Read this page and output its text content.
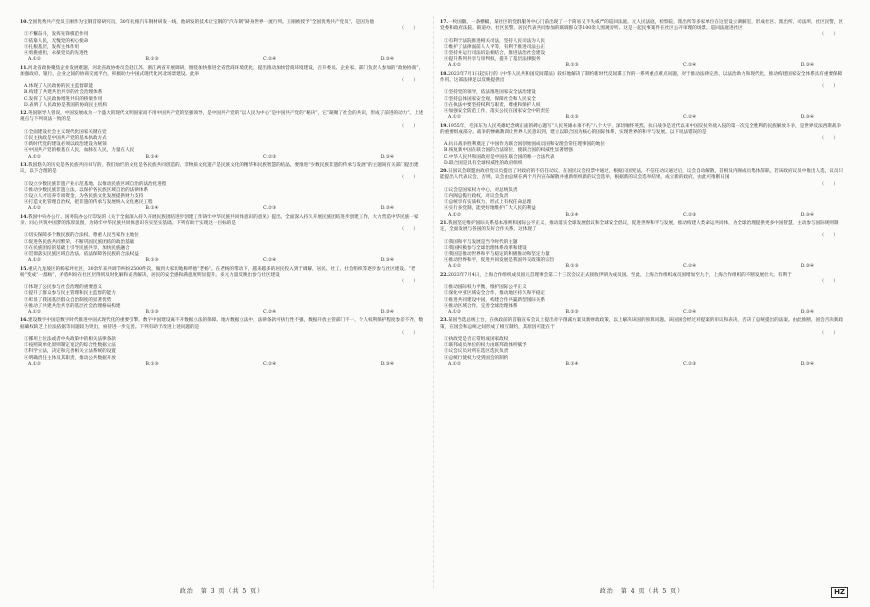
10.全国优秀共产党员王刚作为宝钢首席研究员，30年扎根汽车钢材研发一线，他研发的技术让宝钢的“汽车钢”跻身世界一流行列。王刚被授予“全国优秀共产党员”，是因为他

（　　）

①不懈奋斗，发挥先锋模范作用

②依靠人民，无愧党的初心使命

③扎根基层，发挥主体作用

④勇挑重担，永葆党员的先进性

A.①②	B.①③	C.②④	D.③④

11.河北省政协聚焦企业发展难题，河北省政协委员会赴江苏、浙江两省开展调研，围绕加快推进全省营商环境优化，提出推动加快营商环境建设，召开委员、企业家、部门负责人参加的“政协协商”，加强政府、银行、企业之间的协商交流平台，积极助力中国式现代化河北场景建设。此举

（　　）

A.体现了人民政协的民主监督职能

B.构建了共建共治共享的社会治理体系

C.发挥了人民政协增进共识的桥梁作用

D.表明了人民政协是我国的协商民主机构

12.英国驱导人曾说，中国发展成为一个盛大的现代文明国家而不用中国共产党的坚强领导，是中国共产党的“以人民为中心”是中国共产党的“秘诀”，它“凝聚了社会的共识，形成了前进的动力”。上述观点与下列说法一致的是

（　　）

①全面建设社会主义现代化国家关键在党

②民主执政是中国共产党的基本执政方式

③新时代党的建设必须以政治建设为统领

④中国共产党的根基在人民，血脉在人民，力量在人民

A.①②	B.①④	C.②③	D.③④

13.我国悠久的历史是各民族共同书写的，我们灿烂的文化是各民族共同创造的。非物质文化遗产是民族文化的精华和民族智慧的结晶。要推进“少数民族非遗的传承与发展”的主题间有关部门提出建议，以下合理的是

（　　）

①设立少数民族非遗产业示范基地，以推动民族区域自治的法治化进程

②推动少数民族非遗立法，以保护各民族区域自治的法律体系

③设立人才培养专项资金，为各民族文化发展提供财力支持

④打造文化管理自治权，把非遗的传承与发展纳入文化惠民工程

A.①②	B.①④	C.②③	D.③④

14.我国中央办公厅、国务院办公厅印发的《关于全面深入持久开展民族团结进步创建工作铸牢中华民族共同体意识的意见》提出，全面深入持久开展民族团结进步创建工作，大力营造中华民族一家亲、同心共筑中国梦的浓厚氛围，为铸牢中华民族共同体意识夯实坚实基础。下列有助于实现这一目标的是

（　　）

①切实保障多个数民族的合法权，尊重人民当家作主地位

②促进各民族共同繁荣，不断巩固民族团结的政治基础

③在民族团结的基础上引导民族共享，加快民族融合

④贯彻落实民族区域自治法，依法保障各民族的合法权益

A.①②	B.①③	C.②④	D.③④

15.重庆九龙坡区的杨家坪社区，30余年来共调节纠纷2500件次，做到大家切地称呼他“老杨”。在老杨的带动下，越来越多的居民投入到于调解，居民、社工、社会组织等逐步参与社区建设。“老杨”变成“一群杨”，矛盾纠纷在社区层得到及时化解和妥善解决，居民的安全感和满意度明显提升。多元力量反映出参与社区建设

（　　）

①体现了公民参与社会治理的重要意义

②提升了群众参与民主管理和民主监督的能力

③彰显了我国基层群众自治制度的显著优势

④推动了共建共治共享的基层社会治理格局构建

A.①②	B.①③	C.②④	D.③④

16.建设数字中国是数字时代推进中国式现代化的重要引擎，数字中国建设离不开数据立法的保障。地方数据立法中，法律条款可执行性不强，数据开放主管部门不一、个人权利保护程度参差不齐，数据确权缺乏上位法依据等问题较为突出，亟待进一步完善。下列有助于改进上述问题的是

（　　）

①挪用上位法或者中央政策中的相关法律条款

②按照简单化原则制定宽泛的综合性数据立法

③科学立法，决定和完善相关立法系统的设置

④明确责任主体及其职责，推动公共数据开放

A.①②	B.①③	C.②④	D.③④

17.一枚国徽，一条横幅，某社区的党群服务中心门前出现了一个简易又不失威严的巡回法庭。元人民法庭，检察院、派出所等多家单位在这里设立调解室，形成社区、派出所、司法所、社区民警，区党委和政府法院、街道办、社区民警、居民代表共同参加的联调群众等100余人围观旁听。这是一起民事案件在社区公开审理的场景。巡回法庭进社区

（　　）

①有利于法院推进相关司法，坚持人民司法为人民

②维护了法律面前人人平等，有利于推进司法公正

③坚持并运行司法诉讼相结合，推进法治社会建设

④提升系列共享与审判权，提升了基层法律服务

A.①②	B.①③	C.②④	D.③④

18.2023年7月1日起实行的《中华人民共和国反间谍法》较好地解决了制约新时代反间谍工作的一系列重点难点问题，对于推动法律完善、以法治助力和现代化，推动构建国家安全体系具有重要保障作用。这部法律足以反映提供出

（　　）

①坚持党的领导，依法推进国家安全法治建设

②坚持总体国家安全观，保障社会和人民安全

③在执法中要坚持权利与职责，尊重和保护人权

④加强安全防范工作，落实公民在国家安全中的责任

A.①②	B.①③	C.②④	D.③④

19.1955年，毛泽东为人民英雄纪念碑正面的碑心题写“人民英雄永垂不朽”八个大字，深切缅怀英烈。抗日战争是近代以来中国反抗外敌入侵的第一次完全胜利的民族解放斗争，是世界反法西斯战争的重要组成部分。战争的惨痛教训让世界人民意识到，建立以联合国为核心的国际体系，实现世界的和平与发展。以下说法错误的是

（　　）

A.抗日战争胜利奠定了中国作为联合国创始国成员国和安理会常任理事国的地位

B.恢复新中国在联合国的合法席位，使联合国的权威性显著增强

C.中华人民共和国政府是中国在联合国的唯一合法代表

D.联合国是具有全球权威性的政府组织

20.日国议会联盟由政府党议员提出了对政府的不信任动议，在国民议会投票中通过，根据日国宪法，不信任动议通过后，议会自动解散，首相及内阁成员集体辞职。若该政府议员中推出人选，议员只能提出人代表议会，否则，议会由总统在两个月内宣布解散并重新组织新的议会选举，根据新的议会选举结果，成立新的政府。由此可推断日国

（　　）

①议会是国家权力中心，对总统负责

②内阁总揽行政权，对议会负责

③总统享有实质权力，形式上有权任命总理

④实行多党制，能更好地维护广大人民的利益

A.①②	B.①④	C.②③	D.③④

21.我国坚定维护国际关系基本准则和国际公平正义，推动落实全球发展倡议和全球安全倡议，促进世界和平与发展，推动构建人类命运共同体，为全球治理提供更多中国智慧，主动参与国际规则制定，全面发展与各国的友好合作关系。这体现了

（　　）

①我国和平与发展是当今时代的主题

②我国积极参与全球治理体系改革和建设

③我国是推动世界和平与稳定的积极推动和坚定力量

④推动世界和平，促进共同发展是我国外交政策的宗旨

A.①②	B.①③	C.②④	D.③④

22.2023年7月4日，上海合作组织成员国元首理事会第二十三次会议正式接收伊朗为成员国。至此，上海合作组织成员国增加至九个，上海合作组织的不断发展壮大，有利于

（　　）

①推动国际权力平衡，维护国际公平正义

②深化中亚区域安全合作，推动地区持久和平稳定

③推进共同建设中国，构建合作共赢新型国际关系

④推动区域合作，完善全球治理体系

A.①②	B.①③	C.②④	D.③④

23.某国当选总统上台，在执政前的首脑宣布会议上提出赤字削减方案及新财政政策，以上解决该国的预算问题。该国国会经过对提案的审议和表决，否决了总统提出的法案。由此推断，国会否决新政策，在国会和总统之间形成了相互制约，其原因可能在于

（　　）

①执政党是否正常组成国家政权

②联邦成员单位的权力由联邦政体所赋予

③议会议员对所在选区选民负责

④总统行使权力受到国会的制约

A.①②	B.①④	C.②③	D.③④
政治　第 3 页（共 5 页）	政治　第 4 页（共 5 页）	HZ
